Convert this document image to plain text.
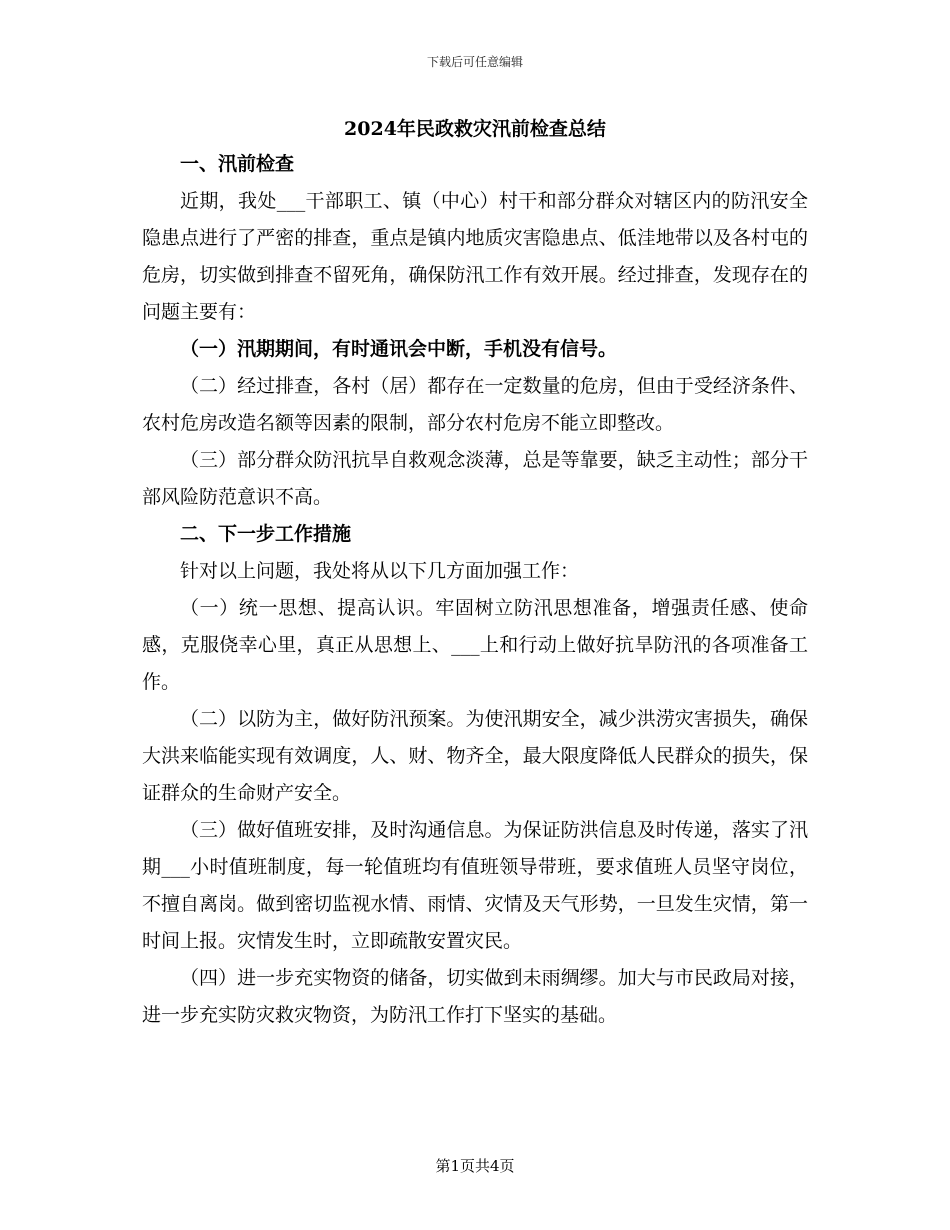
下载后可任意编辑
2024年民政救灾汛前检查总结

一、汛前检查

近期，我处___干部职工、镇（中心）村干和部分群众对辖区内的防汛安全隐患点进行了严密的排查，重点是镇内地质灾害隐患点、低洼地带以及各村屯的危房，切实做到排查不留死角，确保防汛工作有效开展。经过排查，发现存在的问题主要有：

（一）汛期期间，有时通讯会中断，手机没有信号。

（二）经过排查，各村（居）都存在一定数量的危房，但由于受经济条件、农村危房改造名额等因素的限制，部分农村危房不能立即整改。

（三）部分群众防汛抗旱自救观念淡薄，总是等靠要，缺乏主动性；部分干部风险防范意识不高。

二、下一步工作措施

针对以上问题，我处将从以下几方面加强工作：

（一）统一思想、提高认识。牢固树立防汛思想准备，增强责任感、使命感，克服侥幸心里，真正从思想上、___上和行动上做好抗旱防汛的各项准备工作。

（二）以防为主，做好防汛预案。为使汛期安全，减少洪涝灾害损失，确保大洪来临能实现有效调度，人、财、物齐全，最大限度降低人民群众的损失，保证群众的生命财产安全。

（三）做好值班安排，及时沟通信息。为保证防洪信息及时传递，落实了汛期___小时值班制度，每一轮值班均有值班领导带班，要求值班人员坚守岗位，不擅自离岗。做到密切监视水情、雨情、灾情及天气形势，一旦发生灾情，第一时间上报。灾情发生时，立即疏散安置灾民。

（四）进一步充实物资的储备，切实做到未雨绸缪。加大与市民政局对接，进一步充实防灾救灾物资，为防汛工作打下坚实的基础。

第1页共4页
